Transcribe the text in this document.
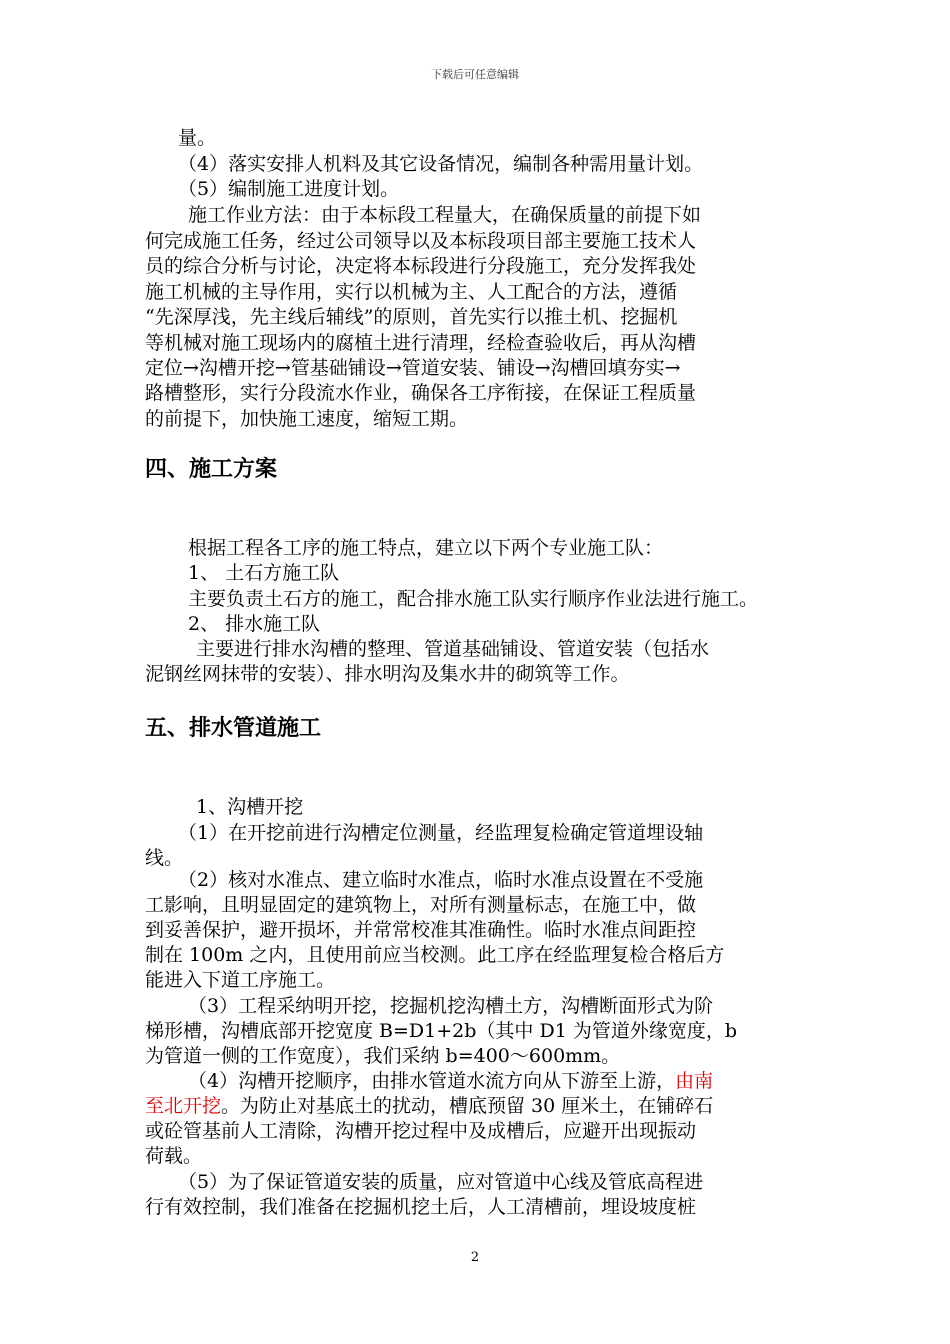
下载后可任意编辑
量。
（4）落实安排人机料及其它设备情况，编制各种需用量计划。
（5）编制施工进度计划。
施工作业方法：由于本标段工程量大，在确保质量的前提下如
何完成施工任务，经过公司领导以及本标段项目部主要施工技术人
员的综合分析与讨论，决定将本标段进行分段施工，充分发挥我处
施工机械的主导作用，实行以机械为主、人工配合的方法，遵循
“先深厚浅，先主线后辅线”的原则，首先实行以推土机、挖掘机
等机械对施工现场内的腐植土进行清理，经检查验收后，再从沟槽
定位→沟槽开挖→管基础铺设→管道安装、铺设→沟槽回填夯实→
路槽整形，实行分段流水作业，确保各工序衔接，在保证工程质量
的前提下，加快施工速度，缩短工期。
四、施工方案
根据工程各工序的施工特点，建立以下两个专业施工队：
1、 土石方施工队
主要负责土石方的施工，配合排水施工队实行顺序作业法进行施工。
2、 排水施工队
主要进行排水沟槽的整理、管道基础铺设、管道安装（包括水
泥钢丝网抹带的安装）、排水明沟及集水井的砌筑等工作。
五、排水管道施工
1、沟槽开挖
（1）在开挖前进行沟槽定位测量，经监理复检确定管道埋设轴
线。
（2）核对水准点、建立临时水准点，临时水准点设置在不受施
工影响，且明显固定的建筑物上，对所有测量标志，在施工中，做
到妥善保护，避开损坏，并常常校准其准确性。临时水准点间距控
制在 100m 之内，且使用前应当校测。此工序在经监理复检合格后方
能进入下道工序施工。
（3）工程采纳明开挖，挖掘机挖沟槽土方，沟槽断面形式为阶
梯形槽，沟槽底部开挖宽度 B=D1+2b（其中 D1 为管道外缘宽度，b
为管道一侧的工作宽度），我们采纳 b=400～600mm。
（4）沟槽开挖顺序，由排水管道水流方向从下游至上游，由南
至北开挖。为防止对基底土的扰动，槽底预留 30 厘米土，在铺碎石
或砼管基前人工清除，沟槽开挖过程中及成槽后，应避开出现振动
荷载。
（5）为了保证管道安装的质量，应对管道中心线及管底高程进
行有效控制，我们准备在挖掘机挖土后，人工清槽前，埋设坡度桩
2
